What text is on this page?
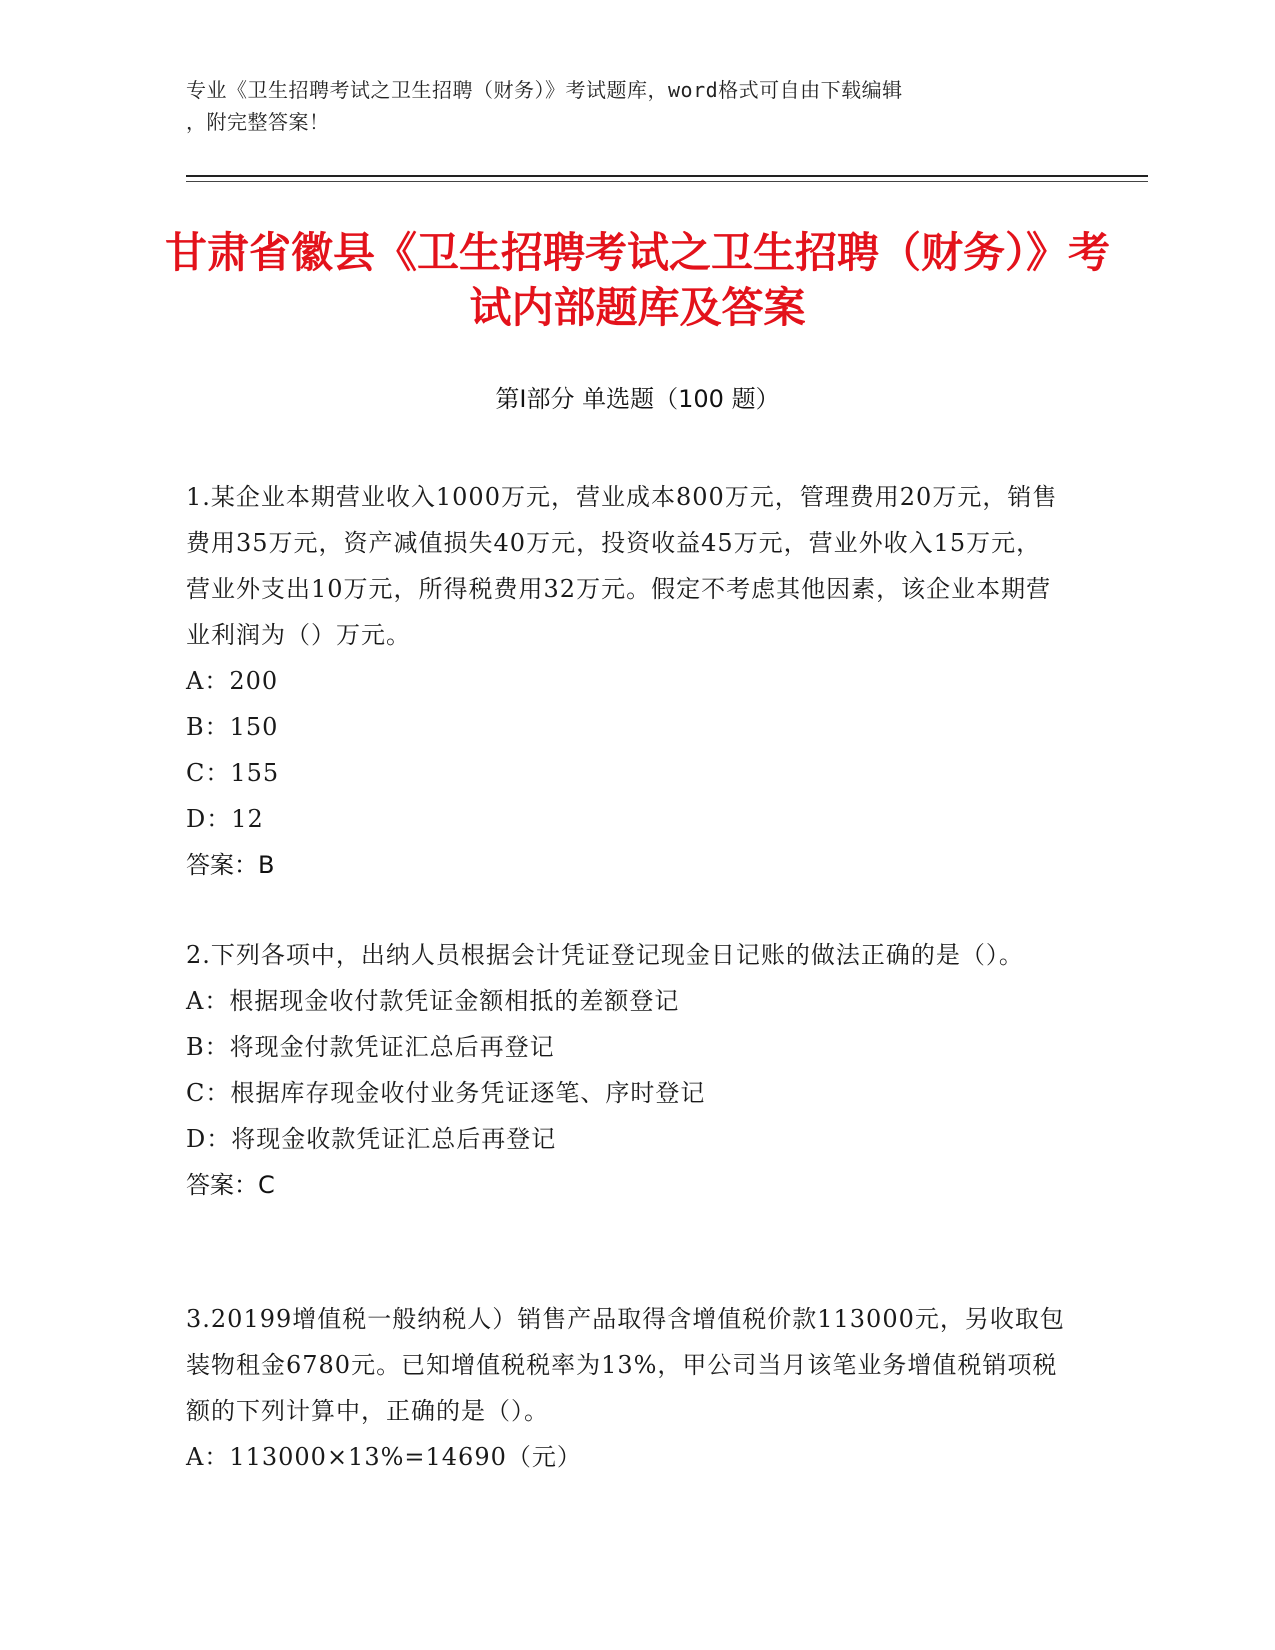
专业《卫生招聘考试之卫生招聘（财务）》考试题库，word格式可自由下载编辑
，附完整答案！
甘肃省徽县《卫生招聘考试之卫生招聘（财务）》考试内部题库及答案
第Ⅰ部分 单选题（100 题）

1.某企业本期营业收入1000万元，营业成本800万元，管理费用20万元，销售费用35万元，资产减值损失40万元，投资收益45万元，营业外收入15万元，营业外支出10万元，所得税费用32万元。假定不考虑其他因素，该企业本期营业利润为（）万元。

A：200

B：150

C：155

D：12

答案：B

2.下列各项中，出纳人员根据会计凭证登记现金日记账的做法正确的是（）。

A：根据现金收付款凭证金额相抵的差额登记

B：将现金付款凭证汇总后再登记

C：根据库存现金收付业务凭证逐笔、序时登记

D：将现金收款凭证汇总后再登记

答案：C

3.20199增值税一般纳税人）销售产品取得含增值税价款113000元，另收取包装物租金6780元。已知增值税税率为13%，甲公司当月该笔业务增值税销项税额的下列计算中，正确的是（）。

A：113000×13%=14690（元）
